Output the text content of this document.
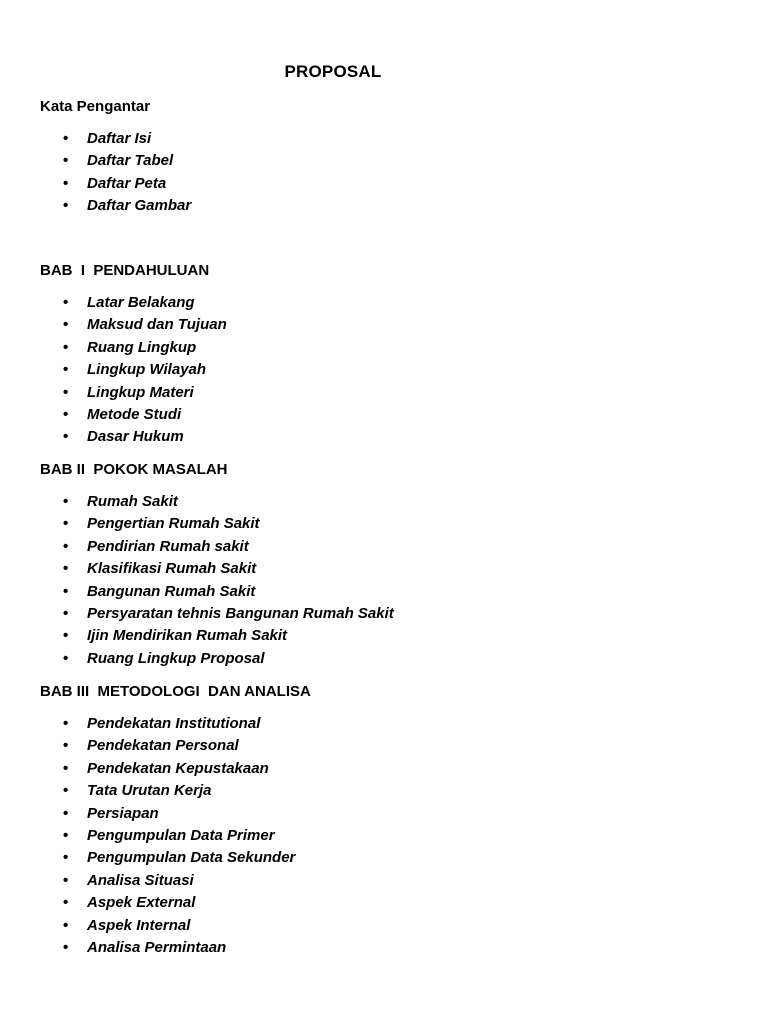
PROPOSAL
Kata Pengantar
• Daftar Isi
• Daftar Tabel
• Daftar Peta
• Daftar Gambar
BAB  I  PENDAHULUAN
• Latar Belakang
• Maksud dan Tujuan
• Ruang Lingkup
• Lingkup Wilayah
• Lingkup Materi
• Metode Studi
• Dasar Hukum
BAB II  POKOK MASALAH
• Rumah Sakit
• Pengertian Rumah Sakit
• Pendirian Rumah sakit
• Klasifikasi Rumah Sakit
• Bangunan Rumah Sakit
• Persyaratan tehnis Bangunan Rumah Sakit
• Ijin Mendirikan Rumah Sakit
• Ruang Lingkup Proposal
BAB III  METODOLOGI  DAN ANALISA
• Pendekatan Institutional
• Pendekatan Personal
• Pendekatan Kepustakaan
• Tata Urutan Kerja
• Persiapan
• Pengumpulan Data Primer
• Pengumpulan Data Sekunder
• Analisa Situasi
• Aspek External
• Aspek Internal
• Analisa Permintaan
